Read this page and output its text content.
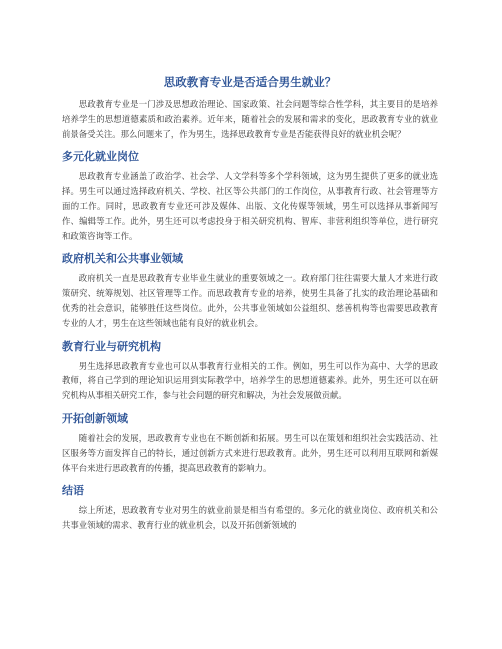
思政教育专业是否适合男生就业？

思政教育专业是一门涉及思想政治理论、国家政策、社会问题等综合性学科，其主要目的是培养培养学生的思想道德素质和政治素养。近年来，随着社会的发展和需求的变化，思政教育专业的就业前景备受关注。那么问题来了，作为男生，选择思政教育专业是否能获得良好的就业机会呢？

多元化就业岗位

思政教育专业涵盖了政治学、社会学、人文学科等多个学科领域，这为男生提供了更多的就业选择。男生可以通过选择政府机关、学校、社区等公共部门的工作岗位，从事教育行政、社会管理等方面的工作。同时，思政教育专业还可涉及媒体、出版、文化传媒等领域，男生可以选择从事新闻写作、编辑等工作。此外，男生还可以考虑投身于相关研究机构、智库、非营利组织等单位，进行研究和政策咨询等工作。

政府机关和公共事业领域

政府机关一直是思政教育专业毕业生就业的重要领域之一。政府部门往往需要大量人才来进行政策研究、统筹规划、社区管理等工作。而思政教育专业的培养，使男生具备了扎实的政治理论基础和优秀的社会意识，能够胜任这些岗位。此外，公共事业领域如公益组织、慈善机构等也需要思政教育专业的人才，男生在这些领域也能有良好的就业机会。

教育行业与研究机构

男生选择思政教育专业也可以从事教育行业相关的工作。例如，男生可以作为高中、大学的思政教师，将自己学到的理论知识运用到实际教学中，培养学生的思想道德素养。此外，男生还可以在研究机构从事相关研究工作，参与社会问题的研究和解决，为社会发展做贡献。

开拓创新领域

随着社会的发展，思政教育专业也在不断创新和拓展。男生可以在策划和组织社会实践活动、社区服务等方面发挥自己的特长，通过创新方式来进行思政教育。此外，男生还可以利用互联网和新媒体平台来进行思政教育的传播，提高思政教育的影响力。

结语

综上所述，思政教育专业对男生的就业前景是相当有希望的。多元化的就业岗位、政府机关和公共事业领域的需求、教育行业的就业机会，以及开拓创新领域的
